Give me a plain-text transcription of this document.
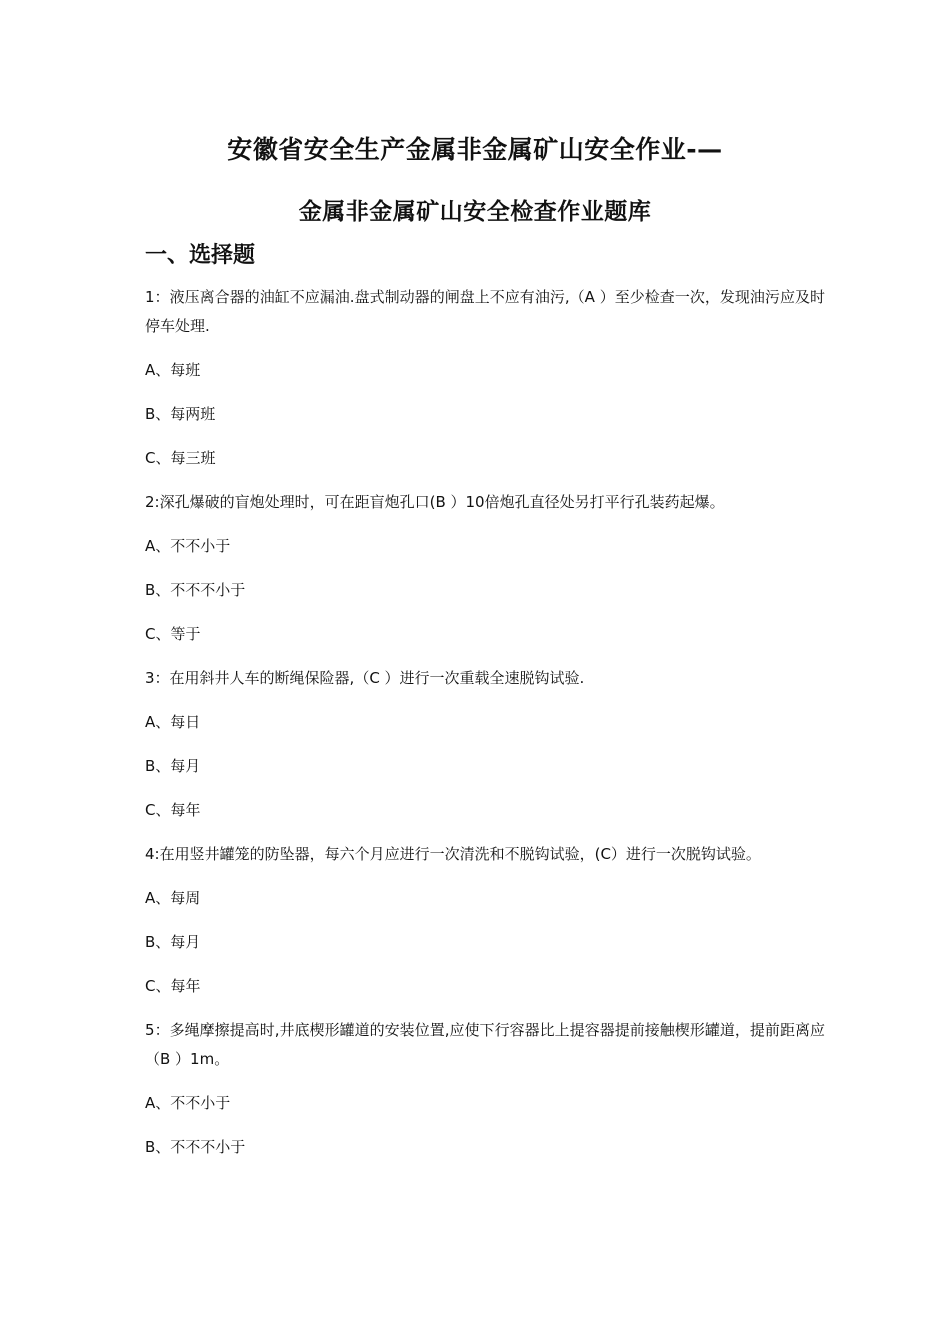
安徽省安全生产金属非金属矿山安全作业-—
金属非金属矿山安全检查作业题库
一、选择题

1：液压离合器的油缸不应漏油.盘式制动器的闸盘上不应有油污,（A ）至少检查一次，发现油污应及时停车处理.

A、每班

B、每两班

C、每三班

2:深孔爆破的盲炮处理时，可在距盲炮孔口(B ）10倍炮孔直径处另打平行孔装药起爆。

A、不不小于

B、不不不小于

C、等于

3：在用斜井人车的断绳保险器,（C ）进行一次重载全速脱钩试验.

A、每日

B、每月

C、每年

4:在用竖井罐笼的防坠器，每六个月应进行一次清洗和不脱钩试验，(C）进行一次脱钩试验。

A、每周

B、每月

C、每年

5：多绳摩擦提高时,井底楔形罐道的安装位置,应使下行容器比上提容器提前接触楔形罐道，提前距离应（B ）1m。

A、不不小于

B、不不不小于
